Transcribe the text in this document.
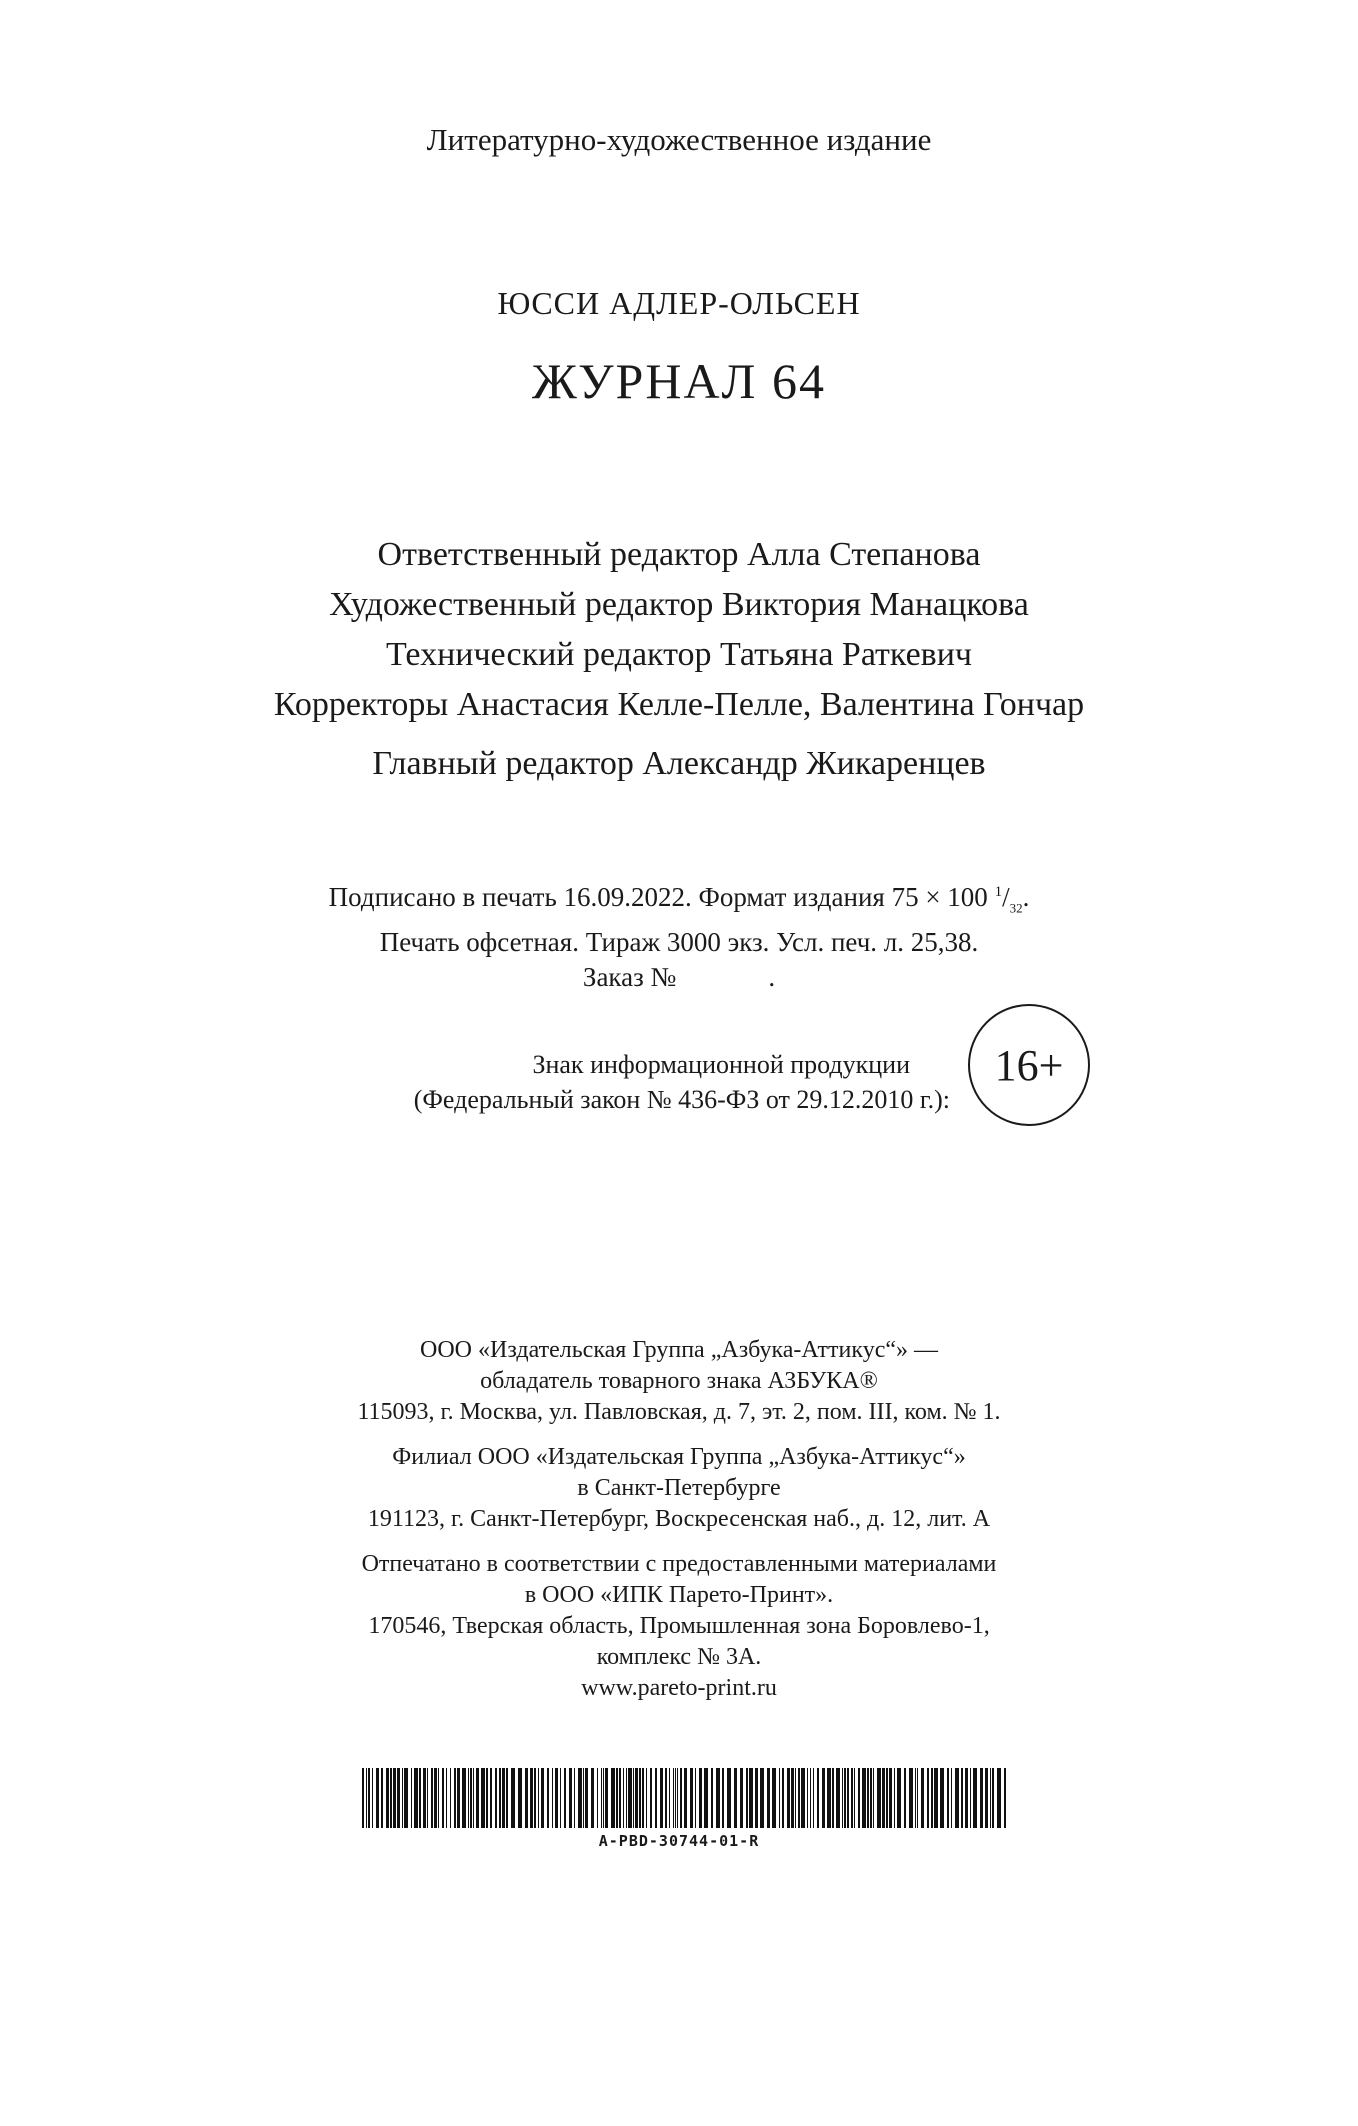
Литературно-художественное издание
ЮССИ АДЛЕР-ОЛЬСЕН
ЖУРНАЛ 64
Ответственный редактор Алла Степанова
Художественный редактор Виктория Манацкова
Технический редактор Татьяна Раткевич
Корректоры Анастасия Келле-Пелле, Валентина Гончар
Главный редактор Александр Жикаренцев
Подписано в печать 16.09.2022. Формат издания 75 × 100 $^1/_{32}$.
Печать офсетная. Тираж 3000 экз. Усл. печ. л. 25,38.
Заказ №	.
Знак информационной продукции
(Федеральный закон № 436-ФЗ от 29.12.2010 г.):
16+

ООО «Издательская Группа „Азбука-Аттикус“» —

обладатель товарного знака АЗБУКА®

115093, г. Москва, ул. Павловская, д. 7, эт. 2, пом. III, ком. № 1.

Филиал ООО «Издательская Группа „Азбука-Аттикус“»

в Санкт-Петербурге

191123, г. Санкт-Петербург, Воскресенская наб., д. 12, лит. А

Отпечатано в соответствии с предоставленными материалами

в ООО «ИПК Парето-Принт».

170546, Тверская область, Промышленная зона Боровлево-1,

комплекс № 3А.

www.pareto-print.ru

A-PBD-30744-01-R
